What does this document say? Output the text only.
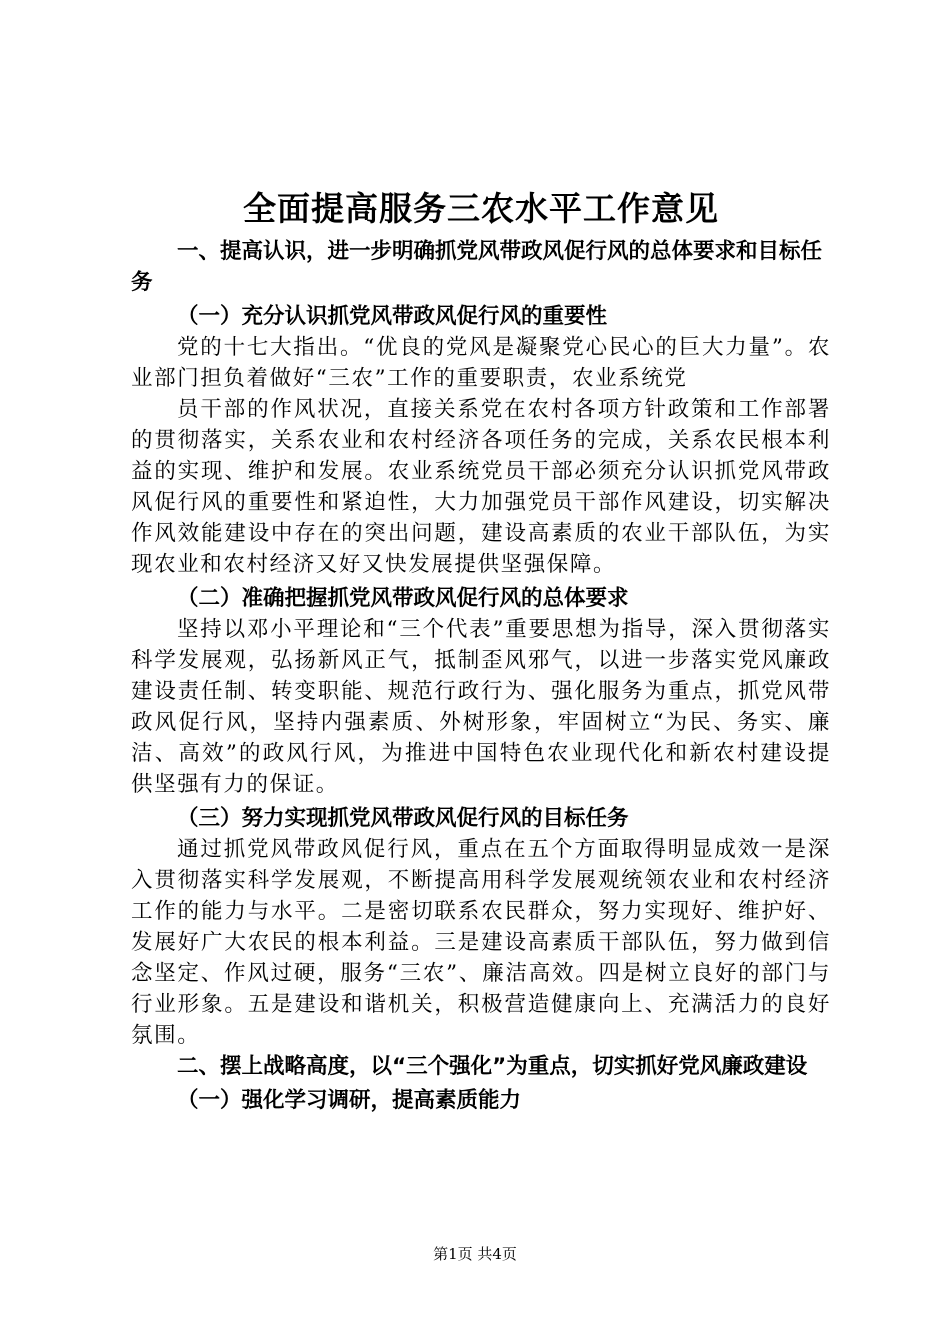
全面提高服务三农水平工作意见
一、提高认识，进一步明确抓党风带政风促行风的总体要求和目标任务
（一）充分认识抓党风带政风促行风的重要性
党的十七大指出。“优良的党风是凝聚党心民心的巨大力量”。农业部门担负着做好“三农”工作的重要职责，农业系统党
员干部的作风状况，直接关系党在农村各项方针政策和工作部署的贯彻落实，关系农业和农村经济各项任务的完成，关系农民根本利益的实现、维护和发展。农业系统党员干部必须充分认识抓党风带政风促行风的重要性和紧迫性，大力加强党员干部作风建设，切实解决作风效能建设中存在的突出问题，建设高素质的农业干部队伍，为实现农业和农村经济又好又快发展提供坚强保障。
（二）准确把握抓党风带政风促行风的总体要求
坚持以邓小平理论和“三个代表”重要思想为指导，深入贯彻落实科学发展观，弘扬新风正气，抵制歪风邪气，以进一步落实党风廉政建设责任制、转变职能、规范行政行为、强化服务为重点，抓党风带政风促行风，坚持内强素质、外树形象，牢固树立“为民、务实、廉洁、高效”的政风行风，为推进中国特色农业现代化和新农村建设提供坚强有力的保证。
（三）努力实现抓党风带政风促行风的目标任务
通过抓党风带政风促行风，重点在五个方面取得明显成效一是深入贯彻落实科学发展观，不断提高用科学发展观统领农业和农村经济工作的能力与水平。二是密切联系农民群众，努力实现好、维护好、发展好广大农民的根本利益。三是建设高素质干部队伍，努力做到信念坚定、作风过硬，服务“三农”、廉洁高效。四是树立良好的部门与行业形象。五是建设和谐机关，积极营造健康向上、充满活力的良好氛围。
二、摆上战略高度，以“三个强化”为重点，切实抓好党风廉政建设
（一）强化学习调研，提高素质能力
第1页 共4页
